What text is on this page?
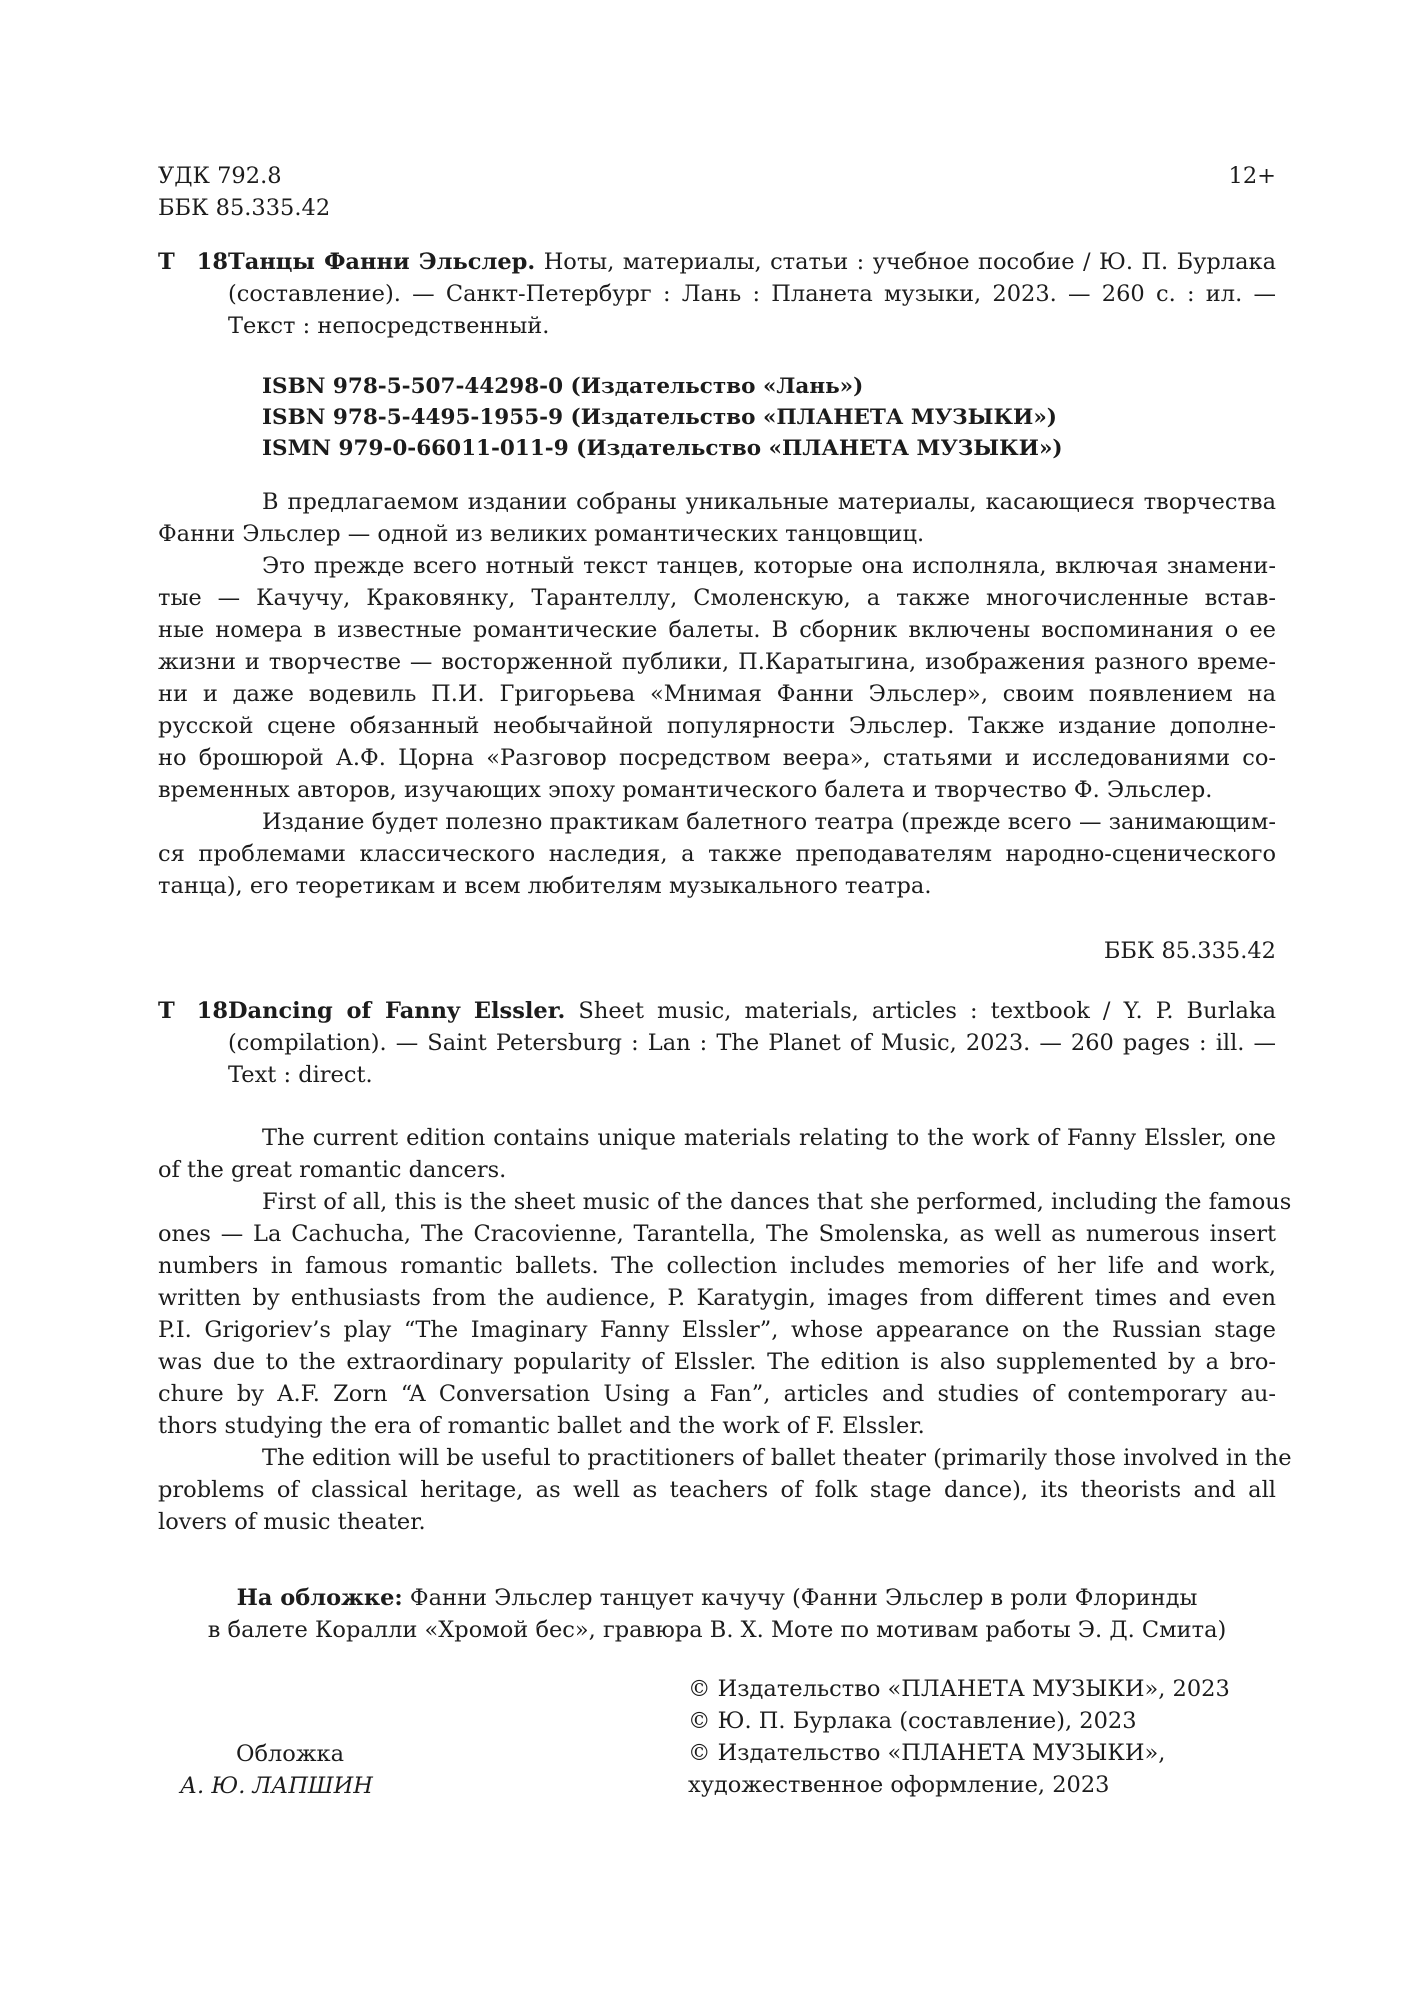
УДК 792.8
ББК 85.335.42
12+
Т 18Танцы Фанни Эльслер. Ноты, материалы, статьи : учебное пособие / Ю. П. Бурлака
(составление). — Санкт-Петербург : Лань : Планета музыки, 2023. — 260 с. : ил. —
Текст : непосредственный.
ISBN 978-5-507-44298-0 (Издательство «Лань»)
ISBN 978-5-4495-1955-9 (Издательство «ПЛАНЕТА МУЗЫКИ»)
ISMN 979-0-66011-011-9 (Издательство «ПЛАНЕТА МУЗЫКИ»)
В предлагаемом издании собраны уникальные материалы, касающиеся творчества
Фанни Эльслер — одной из великих романтических танцовщиц.
Это прежде всего нотный текст танцев, которые она исполняла, включая знамени-
тые — Качучу, Краковянку, Тарантеллу, Смоленскую, а также многочисленные встав-
ные номера в известные романтические балеты. В сборник включены воспоминания о ее
жизни и творчестве — восторженной публики, П.Каратыгина, изображения разного време-
ни и даже водевиль П.И. Григорьева «Мнимая Фанни Эльслер», своим появлением на
русской сцене обязанный необычайной популярности Эльслер. Также издание дополне-
но брошюрой А.Ф. Цорна «Разговор посредством веера», статьями и исследованиями со-
временных авторов, изучающих эпоху романтического балета и творчество Ф. Эльслер.
Издание будет полезно практикам балетного театра (прежде всего — занимающим-
ся проблемами классического наследия, а также преподавателям народно-сценического
танца), его теоретикам и всем любителям музыкального театра.
ББК 85.335.42
T 18Dancing of Fanny Elssler. Sheet music, materials, articles : textbook / Y. P. Burlaka
(compilation). — Saint Petersburg : Lan : The Planet of Music, 2023. — 260 pages : ill. —
Text : direct.
The current edition contains unique materials relating to the work of Fanny Elssler, one
of the great romantic dancers.
First of all, this is the sheet music of the dances that she performed, including the famous
ones — La Cachucha, The Cracovienne, Tarantella, The Smolenska, as well as numerous insert
numbers in famous romantic ballets. The collection includes memories of her life and work,
written by enthusiasts from the audience, P. Karatygin, images from different times and even
P.I. Grigoriev’s play “The Imaginary Fanny Elssler”, whose appearance on the Russian stage
was due to the extraordinary popularity of Elssler. The edition is also supplemented by a bro-
chure by A.F. Zorn “A Conversation Using a Fan”, articles and studies of contemporary au-
thors studying the era of romantic ballet and the work of F. Elssler.
The edition will be useful to practitioners of ballet theater (primarily those involved in the
problems of classical heritage, as well as teachers of folk stage dance), its theorists and all
lovers of music theater.
На обложке: Фанни Эльслер танцует качучу (Фанни Эльслер в роли Флоринды
в балете Коралли «Хромой бес», гравюра В. Х. Моте по мотивам работы Э. Д. Смита)
© Издательство «ПЛАНЕТА МУЗЫКИ», 2023
© Ю. П. Бурлака (составление), 2023
© Издательство «ПЛАНЕТА МУЗЫКИ»,
художественное оформление, 2023
Обложка
А. Ю. ЛАПШИН
